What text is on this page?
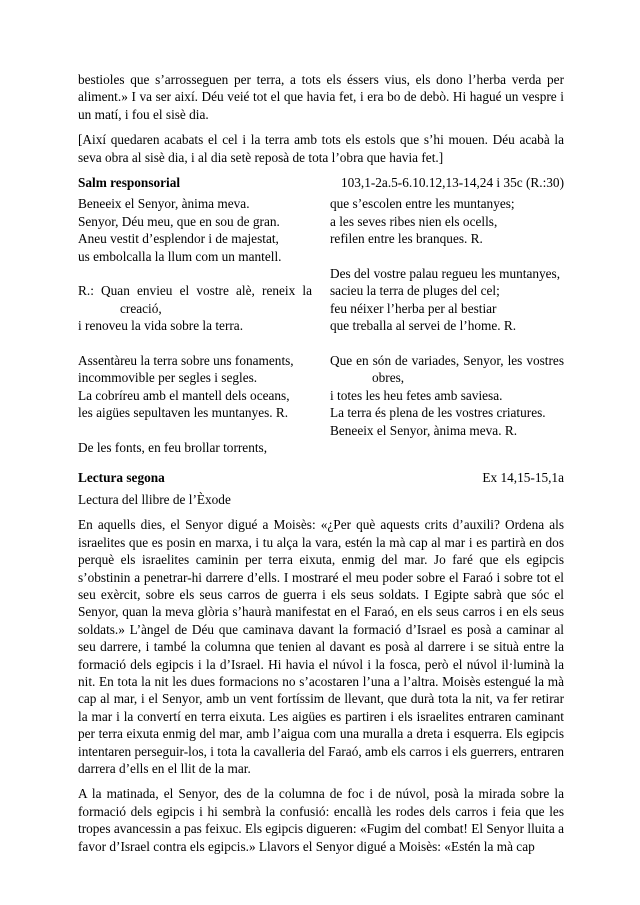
bestioles que s’arrosseguen per terra, a tots els éssers vius, els dono l’herba verda per aliment.» I va ser així. Déu veié tot el que havia fet, i era bo de debò. Hi hagué un vespre i un matí, i fou el sisè dia.

[Així quedaren acabats el cel i la terra amb tots els estols que s’hi mouen. Déu acabà la seva obra al sisè dia, i al dia setè reposà de tota l’obra que havia fet.]

Salm responsorial	103,1-2a.5-6.10.12,13-14,24 i 35c (R.:30)
Beneeix el Senyor, ànima meva.
Senyor, Déu meu, que en sou de gran.
Aneu vestit d’esplendor i de majestat,
us embolcalla la llum com un mantell.
R.: Quan envieu el vostre alè, reneix la creació,
i renoveu la vida sobre la terra.
Assentàreu la terra sobre uns fonaments,
incommovible per segles i segles.
La cobríreu amb el mantell dels oceans,
les aigües sepultaven les muntanyes. R.
De les fonts, en feu brollar torrents,
que s’escolen entre les muntanyes;
a les seves ribes nien els ocells,
refilen entre les branques. R.
Des del vostre palau regueu les muntanyes,
sacieu la terra de pluges del cel;
feu néixer l’herba per al bestiar
que treballa al servei de l’home. R.
Que en són de variades, Senyor, les vostres obres,
i totes les heu fetes amb saviesa.
La terra és plena de les vostres criatures.
Beneeix el Senyor, ànima meva. R.
Lectura segona	Ex 14,15-15,1a

Lectura del llibre de l’Èxode

En aquells dies, el Senyor digué a Moisès: «¿Per què aquests crits d’auxili? Ordena als israelites que es posin en marxa, i tu alça la vara, estén la mà cap al mar i es partirà en dos perquè els israelites caminin per terra eixuta, enmig del mar. Jo faré que els egipcis s’obstinin a penetrar-hi darrere d’ells. I mostraré el meu poder sobre el Faraó i sobre tot el seu exèrcit, sobre els seus carros de guerra i els seus soldats. I Egipte sabrà que sóc el Senyor, quan la meva glòria s’haurà manifestat en el Faraó, en els seus carros i en els seus soldats.» L’àngel de Déu que caminava davant la formació d’Israel es posà a caminar al seu darrere, i també la columna que tenien al davant es posà al darrere i se situà entre la formació dels egipcis i la d’Israel. Hi havia el núvol i la fosca, però el núvol il·luminà la nit. En tota la nit les dues formacions no s’acostaren l’una a l’altra. Moisès estengué la mà cap al mar, i el Senyor, amb un vent fortíssim de llevant, que durà tota la nit, va fer retirar la mar i la convertí en terra eixuta. Les aigües es partiren i els israelites entraren caminant per terra eixuta enmig del mar, amb l’aigua com una muralla a dreta i esquerra. Els egipcis intentaren perseguir-los, i tota la cavalleria del Faraó, amb els carros i els guerrers, entraren darrera d’ells en el llit de la mar.

A la matinada, el Senyor, des de la columna de foc i de núvol, posà la mirada sobre la formació dels egipcis i hi sembrà la confusió: encallà les rodes dels carros i feia que les tropes avancessin a pas feixuc. Els egipcis digueren: «Fugim del combat! El Senyor lluita a favor d’Israel contra els egipcis.» Llavors el Senyor digué a Moisès: «Estén la mà cap
